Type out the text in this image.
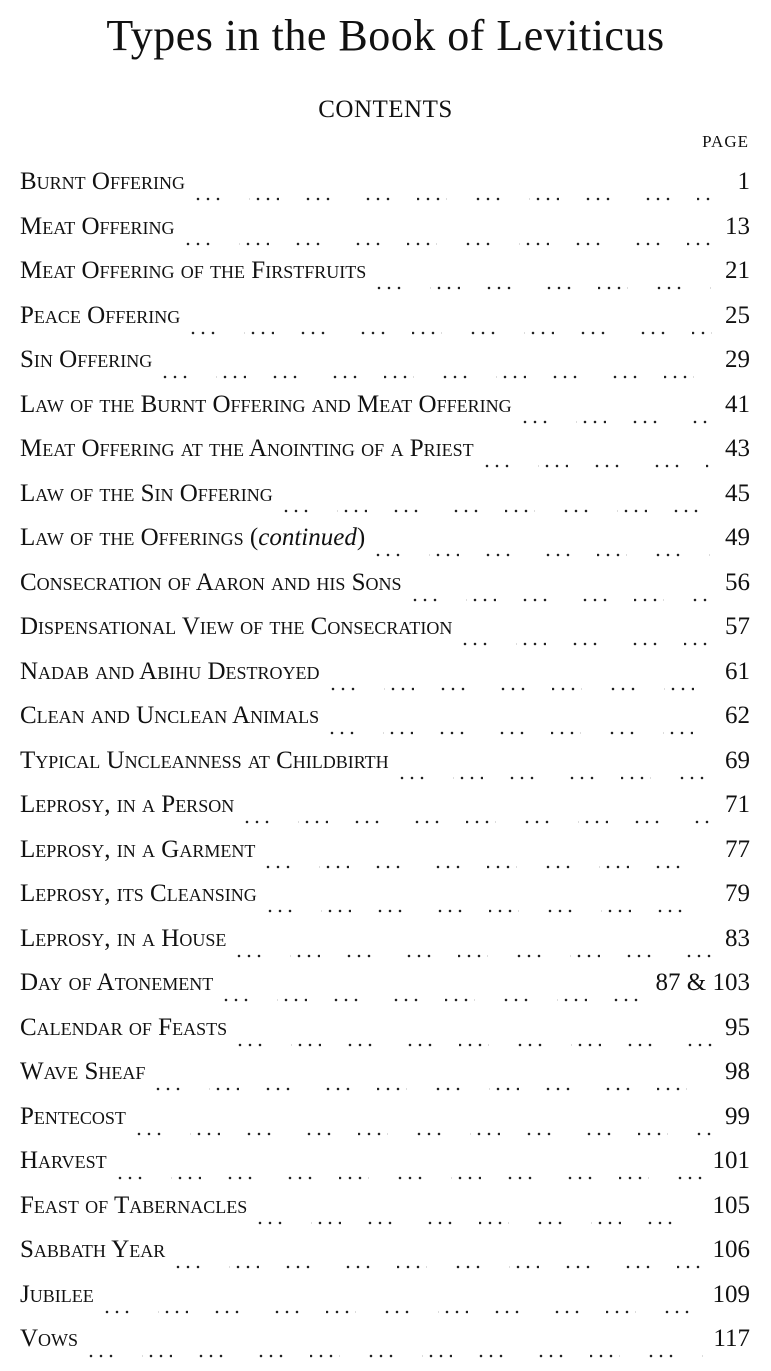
Types in the Book of Leviticus
CONTENTS
PAGE
Burnt Offering	1
Meat Offering	13
Meat Offering of the Firstfruits	21
Peace Offering	25
Sin Offering	29
Law of the Burnt Offering and Meat Offering	41
Meat Offering at the Anointing of a Priest	43
Law of the Sin Offering	45
Law of the Offerings (continued)	49
Consecration of Aaron and his Sons	56
Dispensational View of the Consecration	57
Nadab and Abihu Destroyed	61
Clean and Unclean Animals	62
Typical Uncleanness at Childbirth	69
Leprosy, in a Person	71
Leprosy, in a Garment	77
Leprosy, its Cleansing	79
Leprosy, in a House	83
Day of Atonement	87 & 103
Calendar of Feasts	95
Wave Sheaf	98
Pentecost	99
Harvest	101
Feast of Tabernacles	105
Sabbath Year	106
Jubilee	109
Vows	117
